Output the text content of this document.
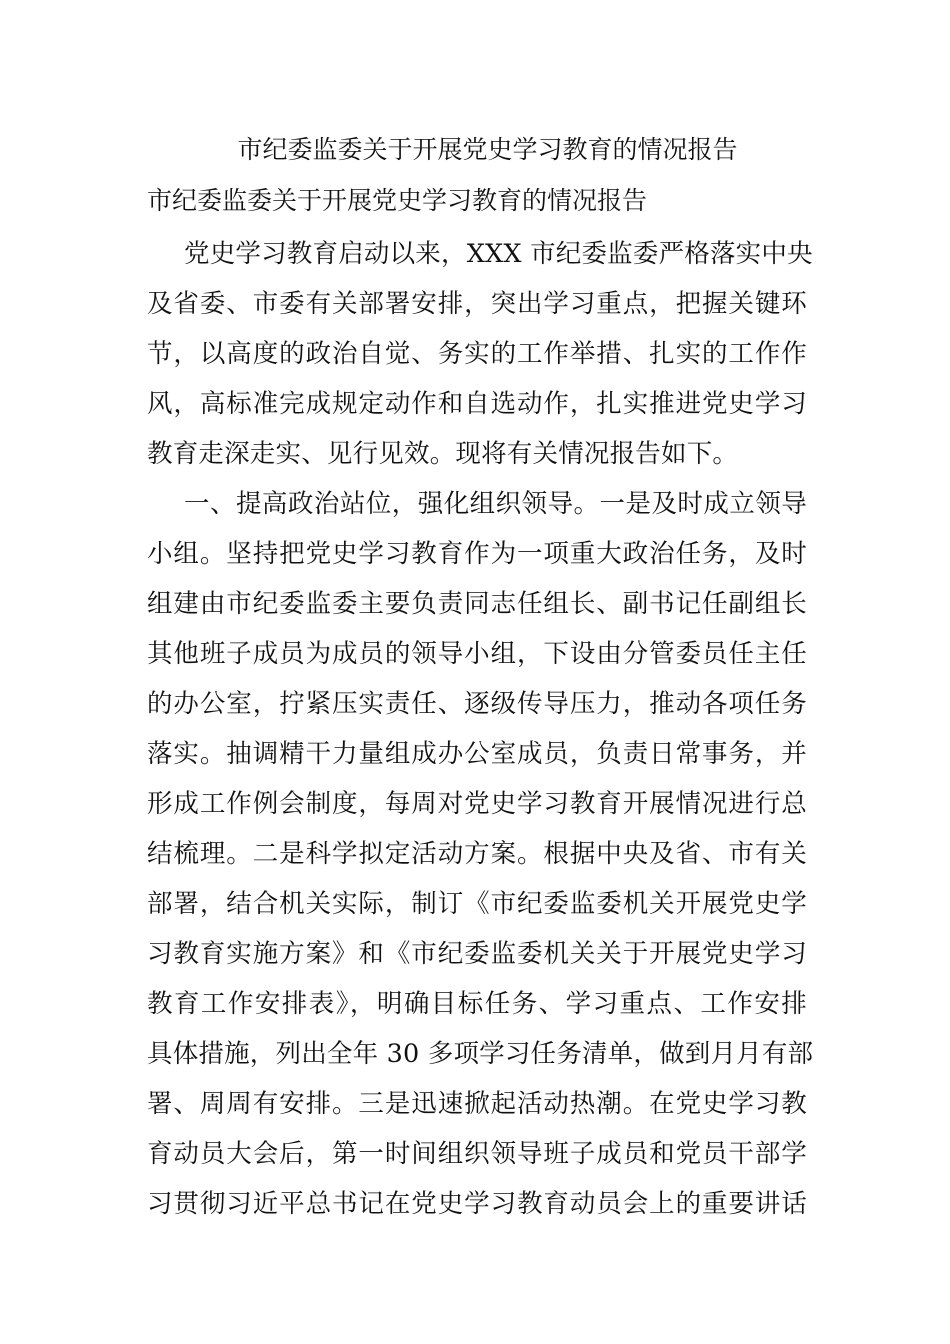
市纪委监委关于开展党史学习教育的情况报告
市纪委监委关于开展党史学习教育的情况报告
党史学习教育启动以来，XXX 市纪委监委严格落实中央
及省委、市委有关部署安排，突出学习重点，把握关键环
节，以高度的政治自觉、务实的工作举措、扎实的工作作
风，高标准完成规定动作和自选动作，扎实推进党史学习
教育走深走实、见行见效。现将有关情况报告如下。
一、提高政治站位，强化组织领导。一是及时成立领导
小组。坚持把党史学习教育作为一项重大政治任务，及时
组建由市纪委监委主要负责同志任组长、副书记任副组长
其他班子成员为成员的领导小组，下设由分管委员任主任
的办公室，拧紧压实责任、逐级传导压力，推动各项任务
落实。抽调精干力量组成办公室成员，负责日常事务，并
形成工作例会制度，每周对党史学习教育开展情况进行总
结梳理。二是科学拟定活动方案。根据中央及省、市有关
部署，结合机关实际，制订《市纪委监委机关开展党史学
习教育实施方案》和《市纪委监委机关关于开展党史学习
教育工作安排表》，明确目标任务、学习重点、工作安排
具体措施，列出全年 30 多项学习任务清单，做到月月有部
署、周周有安排。三是迅速掀起活动热潮。在党史学习教
育动员大会后，第一时间组织领导班子成员和党员干部学
习贯彻习近平总书记在党史学习教育动员会上的重要讲话
